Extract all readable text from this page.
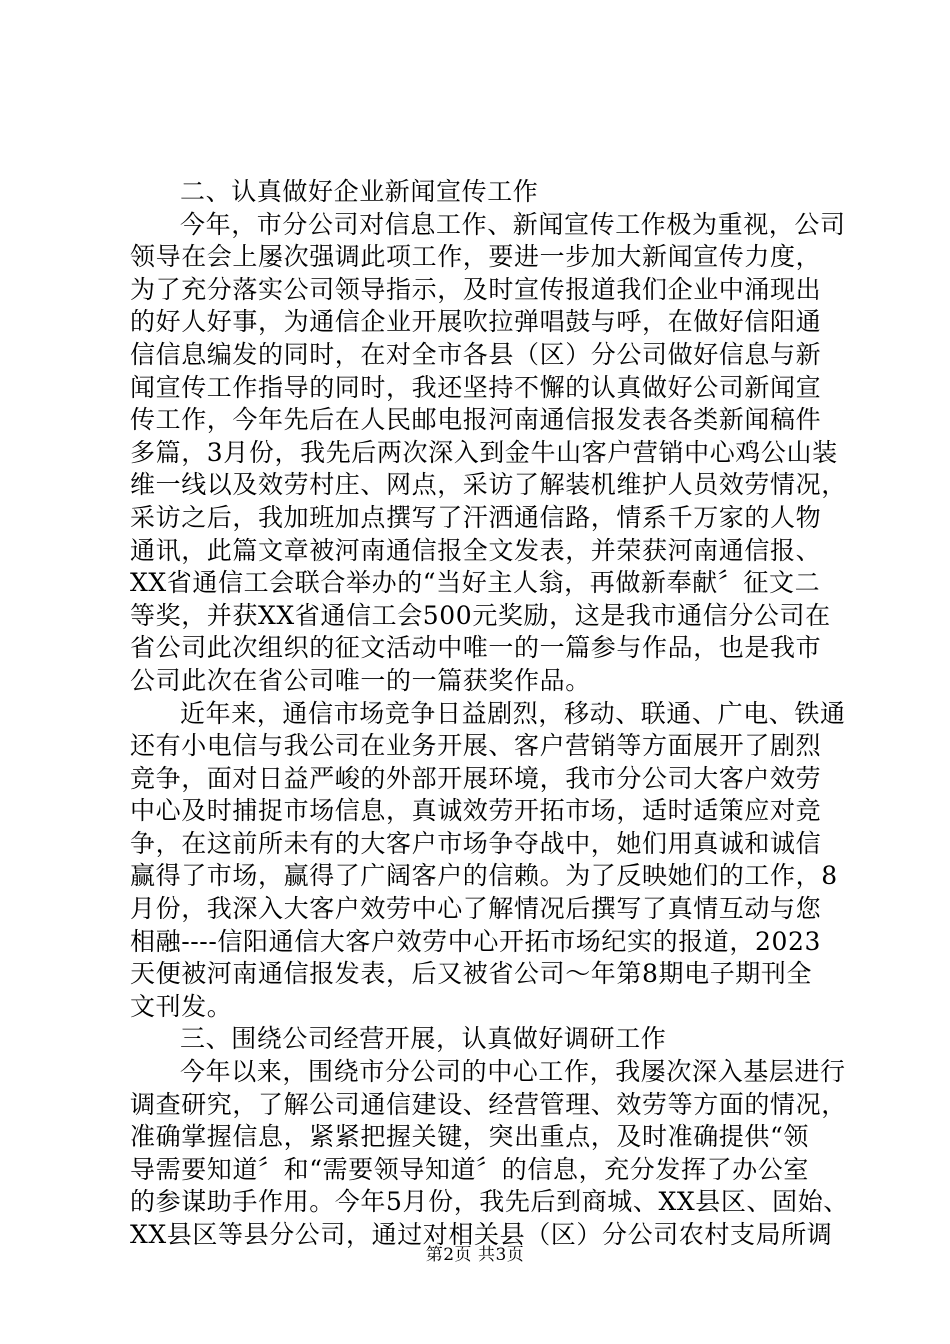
二、认真做好企业新闻宣传工作
今年，市分公司对信息工作、新闻宣传工作极为重视，公司
领导在会上屡次强调此项工作，要进一步加大新闻宣传力度，
为了充分落实公司领导指示，及时宣传报道我们企业中涌现出
的好人好事，为通信企业开展吹拉弹唱鼓与呼，在做好信阳通
信信息编发的同时，在对全市各县（区）分公司做好信息与新
闻宣传工作指导的同时，我还坚持不懈的认真做好公司新闻宣
传工作，今年先后在人民邮电报河南通信报发表各类新闻稿件
多篇，3月份，我先后两次深入到金牛山客户营销中心鸡公山装
维一线以及效劳村庄、网点，采访了解装机维护人员效劳情况，
采访之后，我加班加点撰写了汗洒通信路，情系千万家的人物
通讯，此篇文章被河南通信报全文发表，并荣获河南通信报、
XX省通信工会联合举办的“当好主人翁，再做新奉献〞征文二
等奖，并获XX省通信工会500元奖励，这是我市通信分公司在
省公司此次组织的征文活动中唯一的一篇参与作品，也是我市
公司此次在省公司唯一的一篇获奖作品。
近年来，通信市场竞争日益剧烈，移动、联通、广电、铁通
还有小电信与我公司在业务开展、客户营销等方面展开了剧烈
竞争，面对日益严峻的外部开展环境，我市分公司大客户效劳
中心及时捕捉市场信息，真诚效劳开拓市场，适时适策应对竞
争，在这前所未有的大客户市场争夺战中，她们用真诚和诚信
赢得了市场，赢得了广阔客户的信赖。为了反映她们的工作，8
月份，我深入大客户效劳中心了解情况后撰写了真情互动与您
相融----信阳通信大客户效劳中心开拓市场纪实的报道，2023
天便被河南通信报发表，后又被省公司～年第8期电子期刊全
文刊发。
三、围绕公司经营开展，认真做好调研工作
今年以来，围绕市分公司的中心工作，我屡次深入基层进行
调查研究，了解公司通信建设、经营管理、效劳等方面的情况，
准确掌握信息，紧紧把握关键，突出重点，及时准确提供“领
导需要知道〞和“需要领导知道〞的信息，充分发挥了办公室
的参谋助手作用。今年5月份，我先后到商城、XX县区、固始、
XX县区等县分公司，通过对相关县（区）分公司农村支局所调
第2页 共3页
